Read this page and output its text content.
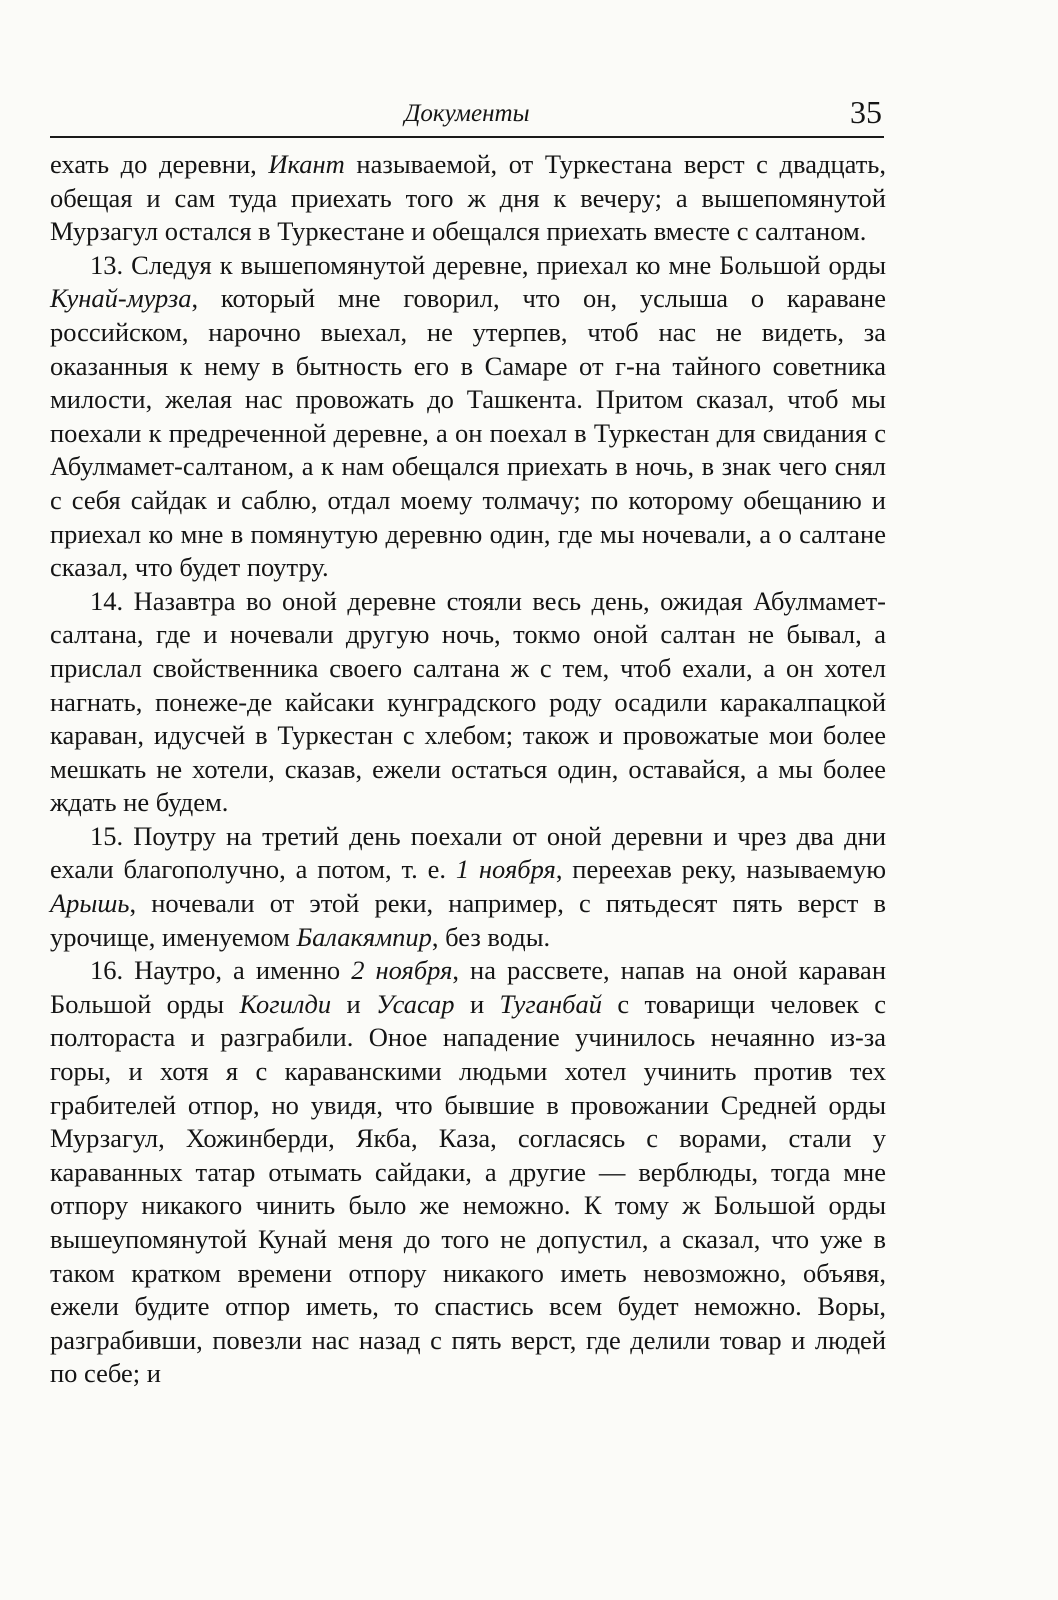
Документы	35

ехать до деревни, Икант называемой, от Туркестана верст с двадцать, обещая и сам туда приехать того ж дня к вечеру; а вышепомянутой Мурзагул остался в Туркестане и обещался приехать вместе с салтаном.

13. Следуя к вышепомянутой деревне, приехал ко мне Большой орды Кунай-мурза, который мне говорил, что он, услыша о караване российском, нарочно выехал, не утерпев, чтоб нас не видеть, за оказанныя к нему в бытность его в Самаре от г-на тайного советника милости, желая нас провожать до Ташкента. Притом сказал, чтоб мы поехали к предреченной деревне, а он поехал в Туркестан для свидания с Абулмамет-салтаном, а к нам обещался приехать в ночь, в знак чего снял с себя сайдак и саблю, отдал моему толмачу; по которому обещанию и приехал ко мне в помянутую деревню один, где мы ночевали, а о салтане сказал, что будет поутру.

14. Назавтра во оной деревне стояли весь день, ожидая Абулмамет-салтана, где и ночевали другую ночь, токмо оной салтан не бывал, а прислал свойственника своего салтана ж с тем, чтоб ехали, а он хотел нагнать, понеже-де кайсаки кунградского роду осадили каракалпацкой караван, идусчей в Туркестан с хлебом; також и провожатые мои более мешкать не хотели, сказав, ежели остаться один, оставайся, а мы более ждать не будем.

15. Поутру на третий день поехали от оной деревни и чрез два дни ехали благополучно, а потом, т. е. 1 ноября, переехав реку, называемую Арышь, ночевали от этой реки, например, с пятьдесят пять верст в урочище, именуемом Балакямпир, без воды.

16. Наутро, а именно 2 ноября, на рассвете, напав на оной караван Большой орды Когилди и Усасар и Туганбай с товарищи человек с полтораста и разграбили. Оное нападение учинилось нечаянно из-за горы, и хотя я с караванскими людьми хотел учинить против тех грабителей отпор, но увидя, что бывшие в провожании Средней орды Мурзагул, Хожинберди, Якба, Каза, согласясь с ворами, стали у караванных татар отымать сайдаки, а другие — верблюды, тогда мне отпору никакого чинить было же неможно. К тому ж Большой орды вышеупомянутой Кунай меня до того не допустил, а сказал, что уже в таком кратком времени отпору никакого иметь невозможно, объявя, ежели будите отпор иметь, то спастись всем будет неможно. Воры, разграбивши, повезли нас назад с пять верст, где делили товар и людей по себе; и
